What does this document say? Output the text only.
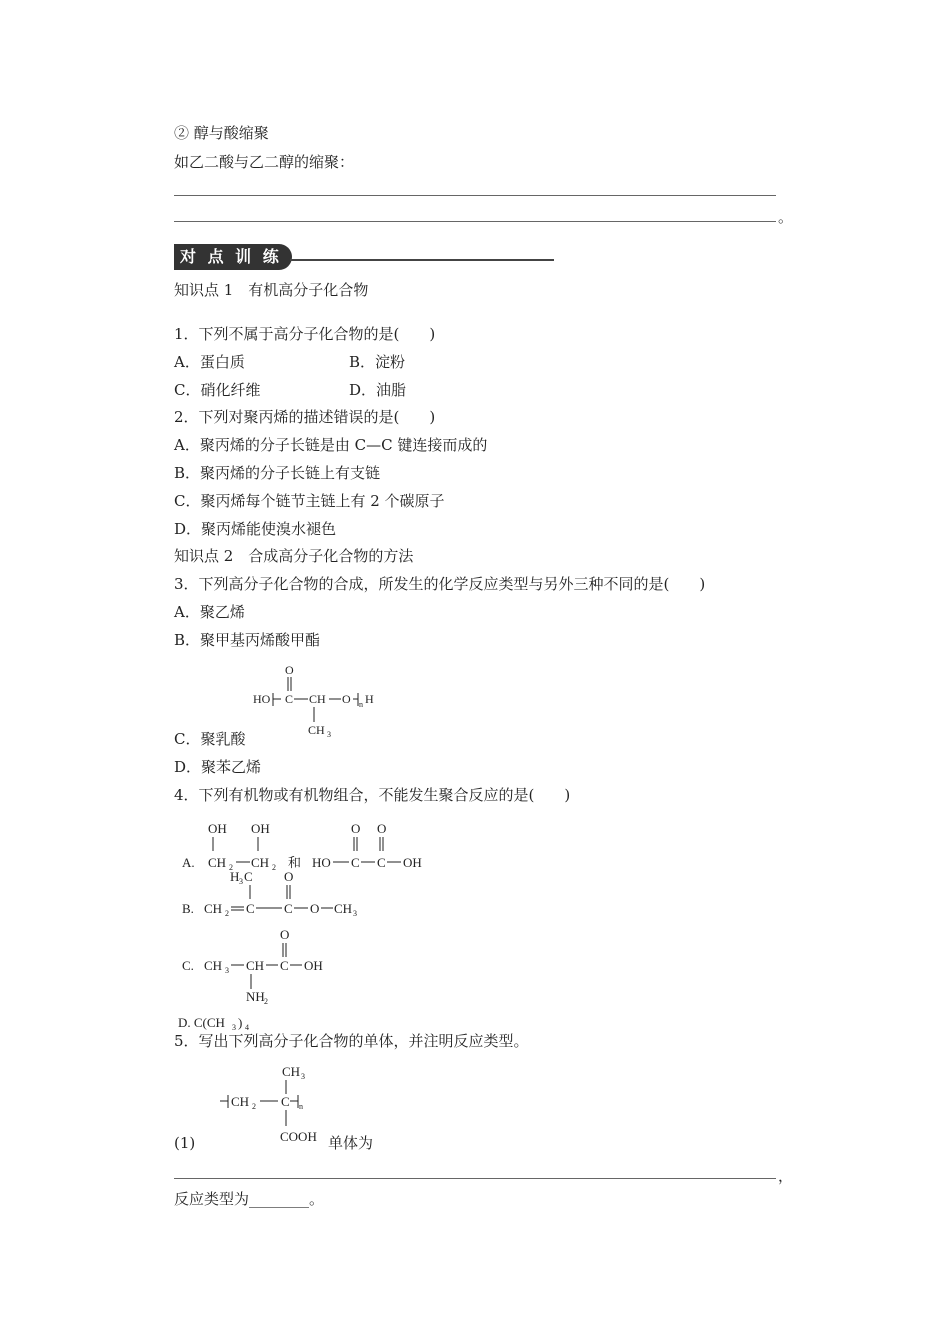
② 醇与酸缩聚
如乙二酸与乙二醇的缩聚：
。
对 点 训 练
知识点 1　有机高分子化合物
1．下列不属于高分子化合物的是(　　)
A．蛋白质	B．淀粉
C．硝化纤维	D．油脂
2．下列对聚丙烯的描述错误的是(　　)
A．聚丙烯的分子长链是由 C—C 键连接而成的
B．聚丙烯的分子长链上有支链
C．聚丙烯每个链节主链上有 2 个碳原子
D．聚丙烯能使溴水褪色
知识点 2　合成高分子化合物的方法
3．下列高分子化合物的合成，所发生的化学反应类型与另外三种不同的是(　　)
A．聚乙烯
B．聚甲基丙烯酸甲酯
O
HO C CH O n H
CH 3
C．聚乳酸
D．聚苯乙烯
4．下列有机物或有机物组合，不能发生聚合反应的是(　　)
OH OH
A. CH 2 CH 2 和
O O
HO C C OH
H 3 C O
B. CH 2 C C O CH 3
O
C. CH 3 CH C OH
NH 2
D. C(CH 3 ) 4
5．写出下列高分子化合物的单体，并注明反应类型。
CH 3
CH 2 C n
COOH
(1)	单体为
，
反应类型为________。
